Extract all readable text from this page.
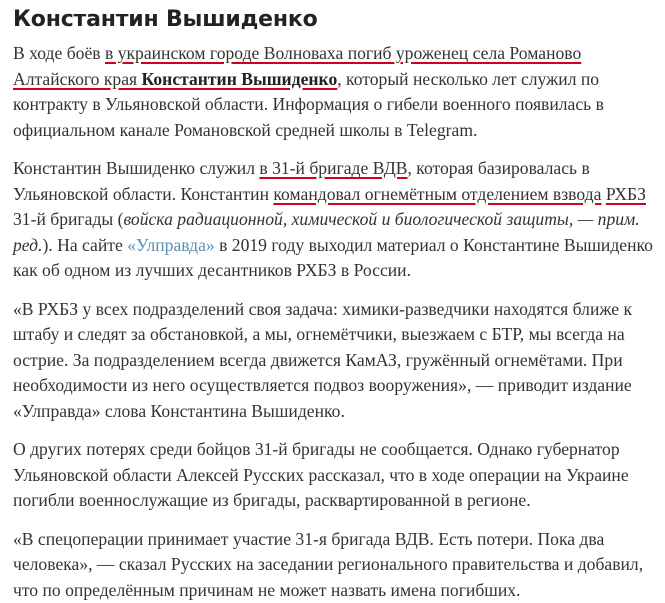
Константин Вышиденко

В ходе боёв в украинском городе Волноваха погиб уроженец села Романово Алтайского края Константин Вышиденко, который несколько лет служил по контракту в Ульяновской области. Информация о гибели военного появилась в официальном канале Романовской средней школы в Telegram.

Константин Вышиденко служил в 31-й бригаде ВДВ, которая базировалась в Ульяновской области. Константин командовал огнемётным отделением взвода РХБЗ 31-й бригады (войска радиационной, химической и биологической защиты, — прим. ред.). На сайте «Улправда» в 2019 году выходил материал о Константине Вышиденко как об одном из лучших десантников РХБЗ в России.

«В РХБЗ у всех подразделений своя задача: химики-разведчики находятся ближе к штабу и следят за обстановкой, а мы, огнемётчики, выезжаем с БТР, мы всегда на острие. За подразделением всегда движется КамАЗ, гружённый огнемётами. При необходимости из него осуществляется подвоз вооружения», — приводит издание «Улправда» слова Константина Вышиденко.

О других потерях среди бойцов 31-й бригады не сообщается. Однако губернатор Ульяновской области Алексей Русских рассказал, что в ходе операции на Украине погибли военнослужащие из бригады, расквартированной в регионе.

«В спецоперации принимает участие 31-я бригада ВДВ. Есть потери. Пока два человека», — сказал Русских на заседании регионального правительства и добавил, что по определённым причинам не может назвать имена погибших.
